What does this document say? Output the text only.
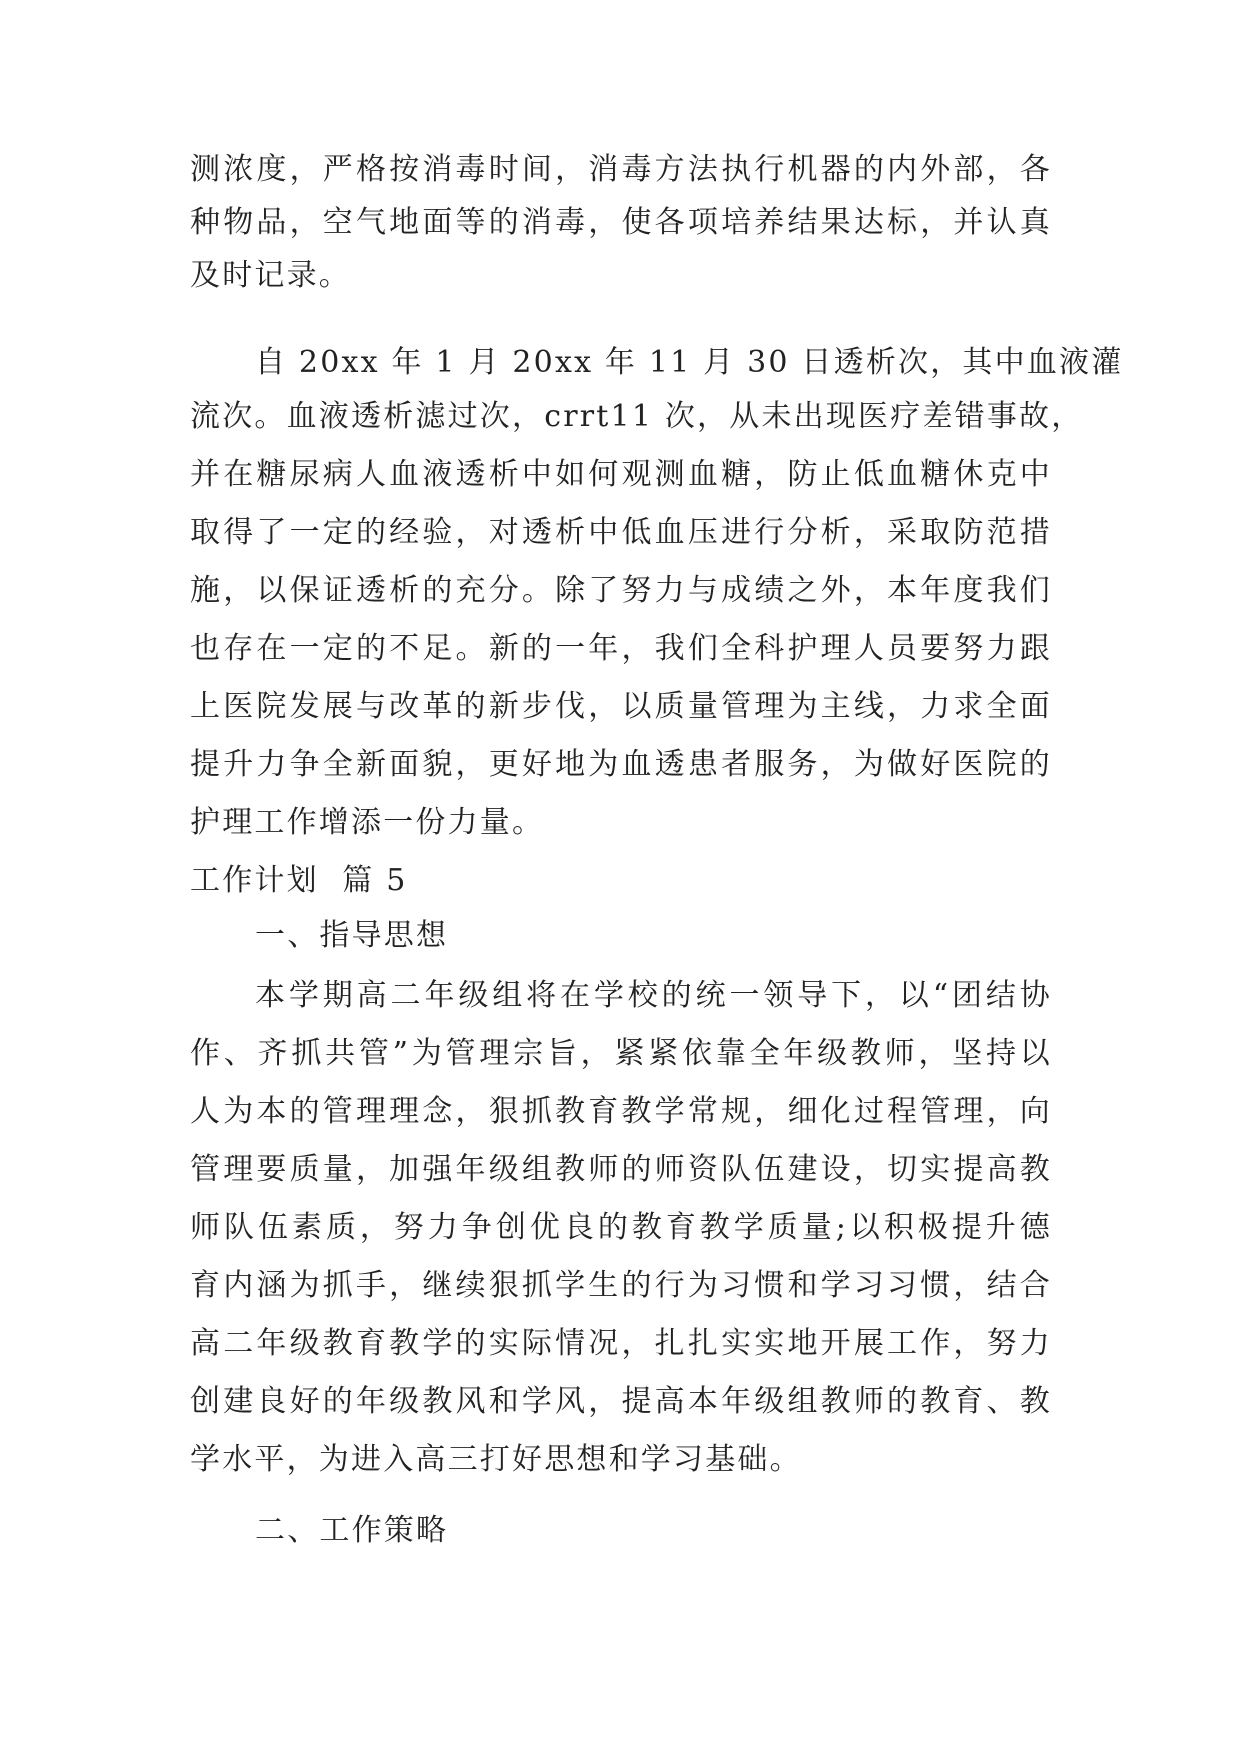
测浓度，严格按消毒时间，消毒方法执行机器的内外部，各

种物品，空气地面等的消毒，使各项培养结果达标，并认真

及时记录。

自 20xx 年 1 月 20xx 年 11 月 30 日透析次，其中血液灌

流次。血液透析滤过次，crrt11 次，从未出现医疗差错事故，

并在糖尿病人血液透析中如何观测血糖，防止低血糖休克中

取得了一定的经验，对透析中低血压进行分析，采取防范措

施，以保证透析的充分。除了努力与成绩之外，本年度我们

也存在一定的不足。新的一年，我们全科护理人员要努力跟

上医院发展与改革的新步伐，以质量管理为主线，力求全面

提升力争全新面貌，更好地为血透患者服务，为做好医院的

护理工作增添一份力量。

工作计划  篇 5

一、指导思想

本学期高二年级组将在学校的统一领导下，以“团结协

作、齐抓共管”为管理宗旨，紧紧依靠全年级教师，坚持以

人为本的管理理念，狠抓教育教学常规，细化过程管理，向

管理要质量，加强年级组教师的师资队伍建设，切实提高教

师队伍素质，努力争创优良的教育教学质量;以积极提升德

育内涵为抓手，继续狠抓学生的行为习惯和学习习惯，结合

高二年级教育教学的实际情况，扎扎实实地开展工作，努力

创建良好的年级教风和学风，提高本年级组教师的教育、教

学水平，为进入高三打好思想和学习基础。

二、工作策略
